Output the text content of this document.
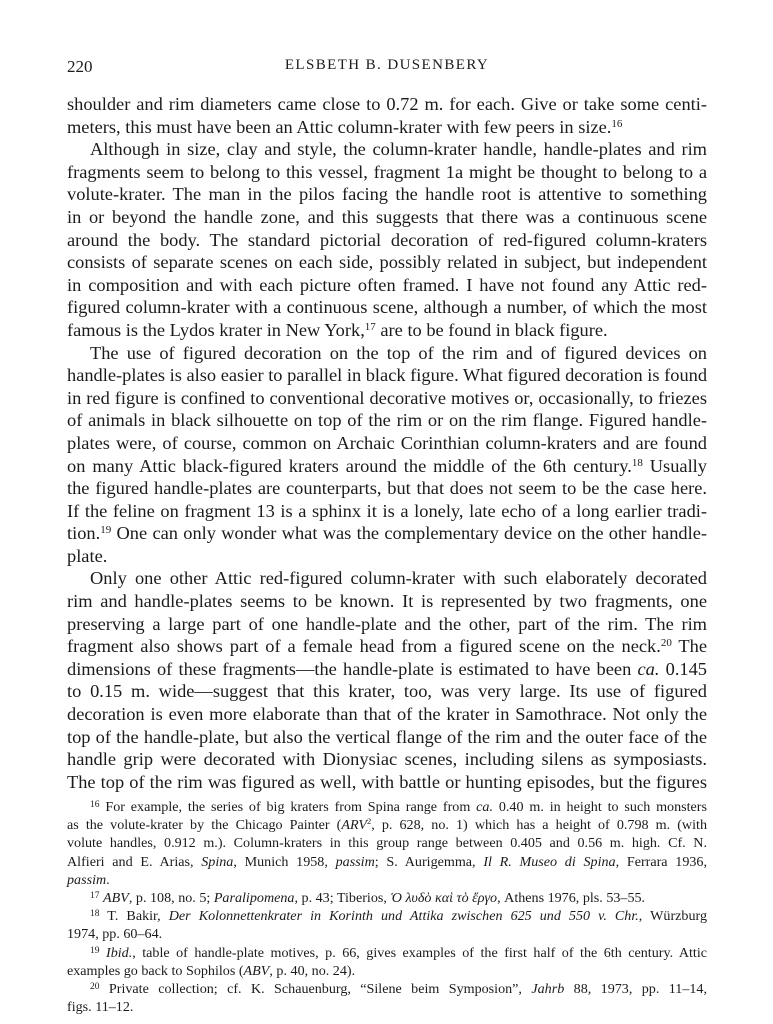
220	ELSBETH B. DUSENBERY
shoulder and rim diameters came close to 0.72 m. for each. Give or take some centi-
meters, this must have been an Attic column-krater with few peers in size.$^{16}$
Although in size, clay and style, the column-krater handle, handle-plates and rim
fragments seem to belong to this vessel, fragment 1a might be thought to belong to a
volute-krater. The man in the pilos facing the handle root is attentive to something
in or beyond the handle zone, and this suggests that there was a continuous scene
around the body. The standard pictorial decoration of red-figured column-kraters
consists of separate scenes on each side, possibly related in subject, but independent
in composition and with each picture often framed. I have not found any Attic red-
figured column-krater with a continuous scene, although a number, of which the most
famous is the Lydos krater in New York,$^{17}$ are to be found in black figure.
The use of figured decoration on the top of the rim and of figured devices on
handle-plates is also easier to parallel in black figure. What figured decoration is found
in red figure is confined to conventional decorative motives or, occasionally, to friezes
of animals in black silhouette on top of the rim or on the rim flange. Figured handle-
plates were, of course, common on Archaic Corinthian column-kraters and are found
on many Attic black-figured kraters around the middle of the 6th century.$^{18}$ Usually
the figured handle-plates are counterparts, but that does not seem to be the case here.
If the feline on fragment 13 is a sphinx it is a lonely, late echo of a long earlier tradi-
tion.$^{19}$ One can only wonder what was the complementary device on the other handle-
plate.
Only one other Attic red-figured column-krater with such elaborately decorated
rim and handle-plates seems to be known. It is represented by two fragments, one
preserving a large part of one handle-plate and the other, part of the rim. The rim
fragment also shows part of a female head from a figured scene on the neck.$^{20}$ The
dimensions of these fragments—the handle-plate is estimated to have been ca. 0.145
to 0.15 m. wide—suggest that this krater, too, was very large. Its use of figured
decoration is even more elaborate than that of the krater in Samothrace. Not only the
top of the handle-plate, but also the vertical flange of the rim and the outer face of the
handle grip were decorated with Dionysiac scenes, including silens as symposiasts.
The top of the rim was figured as well, with battle or hunting episodes, but the figures
$^{16}$ For example, the series of big kraters from Spina range from ca. 0.40 m. in height to such monsters
as the volute-krater by the Chicago Painter (ARV$^2$, p. 628, no. 1) which has a height of 0.798 m. (with
volute handles, 0.912 m.). Column-kraters in this group range between 0.405 and 0.56 m. high. Cf. N.
Alfieri and E. Arias, Spina, Munich 1958, passim; S. Aurigemma, Il R. Museo di Spina, Ferrara 1936,
passim.
$^{17}$ ABV, p. 108, no. 5; Paralipomena, p. 43; Tiberios, Ὁ λυδὸ καὶ τὸ ἔργο, Athens 1976, pls. 53–55.
$^{18}$ T. Bakir, Der Kolonnettenkrater in Korinth und Attika zwischen 625 und 550 v. Chr., Würzburg
1974, pp. 60–64.
$^{19}$ Ibid., table of handle-plate motives, p. 66, gives examples of the first half of the 6th century. Attic
examples go back to Sophilos (ABV, p. 40, no. 24).
$^{20}$ Private collection; cf. K. Schauenburg, “Silene beim Symposion”, Jahrb 88, 1973, pp. 11–14,
figs. 11–12.
